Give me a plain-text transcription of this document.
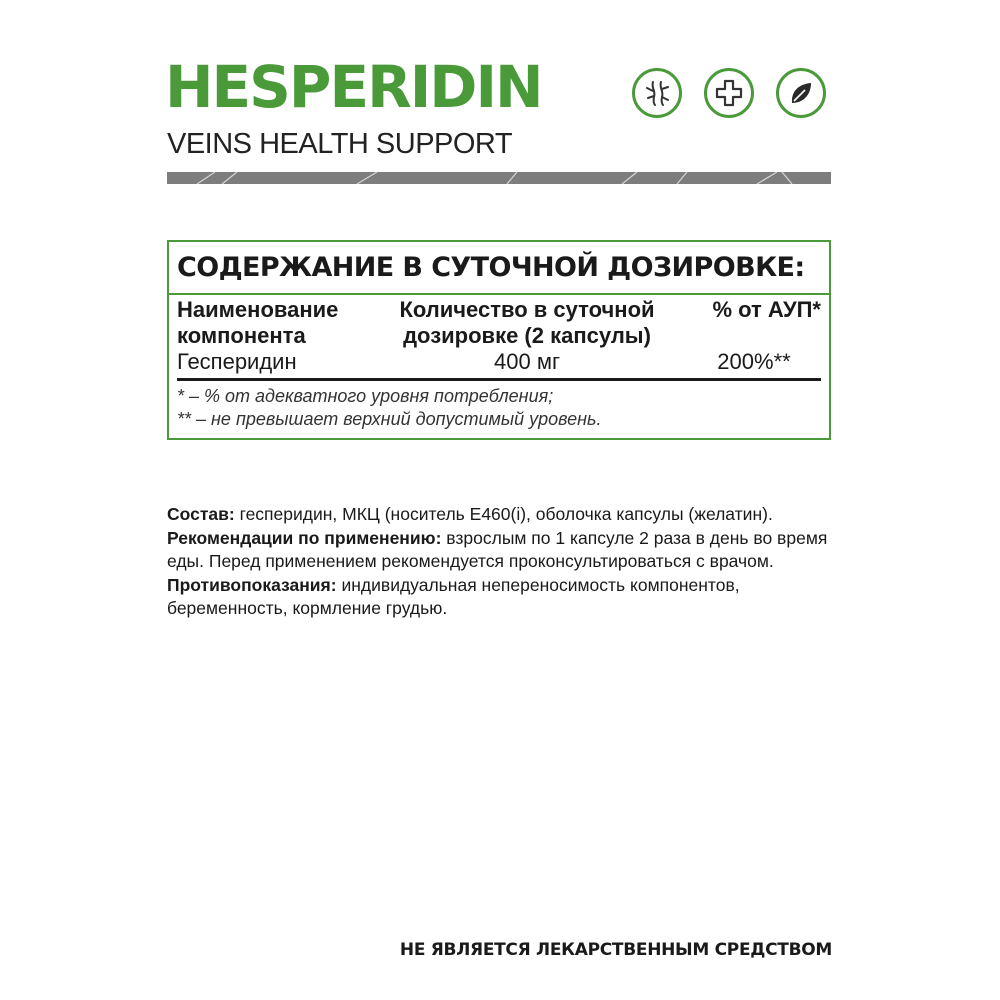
HESPERIDIN
VEINS HEALTH SUPPORT
СОДЕРЖАНИЕ В СУТОЧНОЙ ДОЗИРОВКЕ:
Наименование
компонента
Количество в суточной
дозировке (2 капсулы)
% от АУП*
Гесперидин	400 мг	200%**
* – % от адекватного уровня потребления;
** – не превышает верхний допустимый уровень.

Состав: гесперидин, МКЦ (носитель Е460(i), оболочка капсулы (желатин).

Рекомендации по применению: взрослым по 1 капсуле 2 раза в день во время еды. Перед применением рекомендуется проконсультироваться с врачом.

Противопоказания: индивидуальная непереносимость компонентов, беременность, кормление грудью.

НЕ ЯВЛЯЕТСЯ ЛЕКАРСТВЕННЫМ СРЕДСТВОМ
